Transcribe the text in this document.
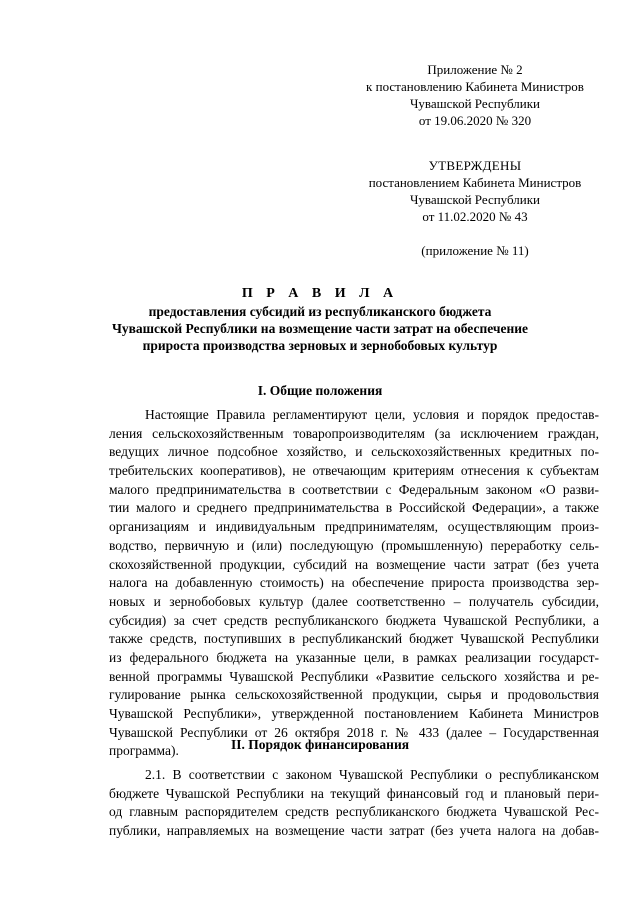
Приложение № 2
к постановлению Кабинета Министров
Чувашской Республики
от 19.06.2020 № 320
УТВЕРЖДЕНЫ
постановлением Кабинета Министров
Чувашской Республики
от 11.02.2020 № 43
(приложение № 11)
П Р А В И Л А
предоставления субсидий из республиканского бюджета
Чувашской Республики на возмещение части затрат на обеспечение
прироста производства зерновых и зернобобовых культур
I. Общие положения
Настоящие Правила регламентируют цели, условия и порядок предостав-
ления сельскохозяйственным товаропроизводителям (за исключением граждан,
ведущих личное подсобное хозяйство, и сельскохозяйственных кредитных по-
требительских кооперативов), не отвечающим критериям отнесения к субъектам
малого предпринимательства в соответствии с Федеральным законом «О разви-
тии малого и среднего предпринимательства в Российской Федерации», а также
организациям и индивидуальным предпринимателям, осуществляющим произ-
водство, первичную и (или) последующую (промышленную) переработку сель-
скохозяйственной продукции, субсидий на возмещение части затрат (без учета
налога на добавленную стоимость) на обеспечение прироста производства зер-
новых и зернобобовых культур (далее соответственно – получатель субсидии,
субсидия) за счет средств республиканского бюджета Чувашской Республики, а
также средств, поступивших в республиканский бюджет Чувашской Республики
из федерального бюджета на указанные цели, в рамках реализации государст-
венной программы Чувашской Республики «Развитие сельского хозяйства и ре-
гулирование рынка сельскохозяйственной продукции, сырья и продовольствия
Чувашской Республики», утвержденной постановлением Кабинета Министров
Чувашской Республики от 26 октября 2018 г. № 433 (далее – Государственная
программа).	II. Порядок финансирования
2.1. В соответствии с законом Чувашской Республики о республиканском
бюджете Чувашской Республики на текущий финансовый год и плановый пери-
од главным распорядителем средств республиканского бюджета Чувашской Рес-
публики, направляемых на возмещение части затрат (без учета налога на добав-
